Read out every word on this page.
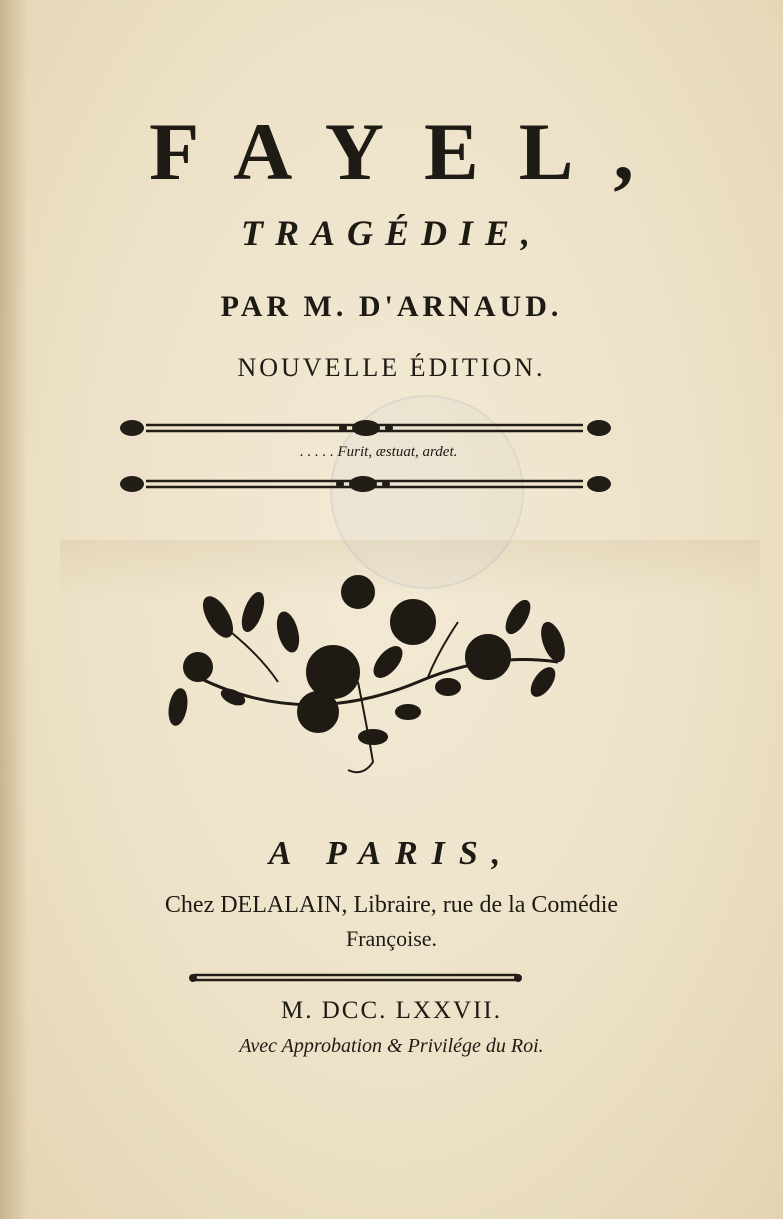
FAYEL,
TRAGÉDIE,
PAR M. D'ARNAUD.
NOUVELLE ÉDITION.
. . . . . Furit, æstuat, ardet.
A PARIS,
Chez DELALAIN, Libraire, rue de la Comédie
Françoise.
M. DCC. LXXVII.
Avec Approbation & Privilége du Roi.
